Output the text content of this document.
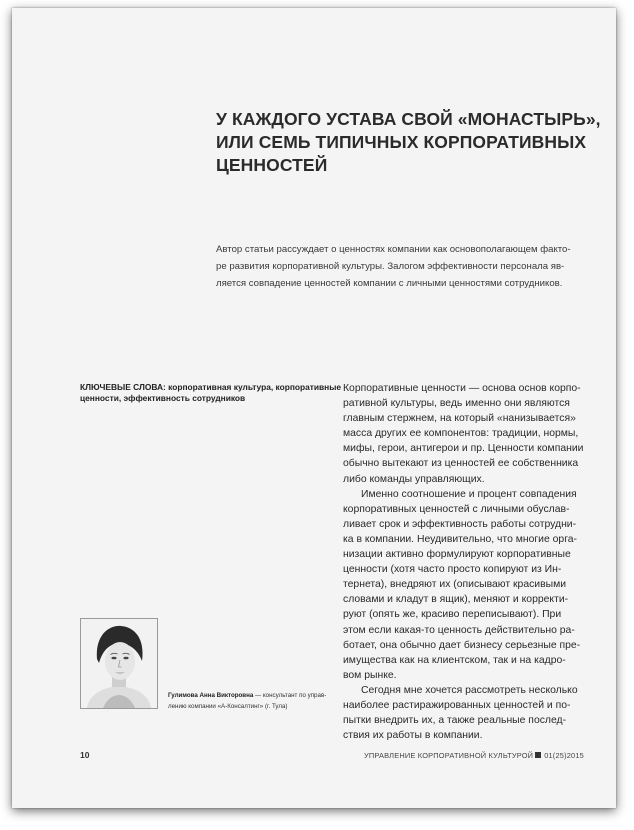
У КАЖДОГО УСТАВА СВОЙ «МОНАСТЫРЬ»,
ИЛИ СЕМЬ ТИПИЧНЫХ КОРПОРАТИВНЫХ
ЦЕННОСТЕЙ
Автор статьи рассуждает о ценностях компании как основополагающем факто-
ре развития корпоративной культуры. Залогом эффективности персонала яв-
ляется совпадение ценностей компании с личными ценностями сотрудников.
КЛЮЧЕВЫЕ СЛОВА: корпоративная культура, корпоративные
ценности, эффективность сотрудников
Корпоративные ценности — основа основ корпо-
ративной культуры, ведь именно они являются
главным стержнем, на который «нанизывается»
масса других ее компонентов: традиции, нормы,
мифы, герои, антигерои и пр. Ценности компании
обычно вытекают из ценностей ее собственника
либо команды управляющих.
Именно соотношение и процент совпадения
корпоративных ценностей с личными обуслав-
ливает срок и эффективность работы сотрудни-
ка в компании. Неудивительно, что многие орга-
низации активно формулируют корпоративные
ценности (хотя часто просто копируют из Ин-
тернета), внедряют их (описывают красивыми
словами и кладут в ящик), меняют и корректи-
руют (опять же, красиво переписывают). При
этом если какая-то ценность действительно ра-
ботает, она обычно дает бизнесу серьезные пре-
имущества как на клиентском, так и на кадро-
вом рынке.
Сегодня мне хочется рассмотреть несколько
наиболее растиражированных ценностей и по-
пытки внедрить их, а также реальные послед-
ствия их работы в компании.
Гулимова Анна Викторовна — консультант по управ-
лению компании «А-Консалтинг» (г. Тула)
10	УПРАВЛЕНИЕ КОРПОРАТИВНОЙ КУЛЬТУРОЙ 01(25)2015
